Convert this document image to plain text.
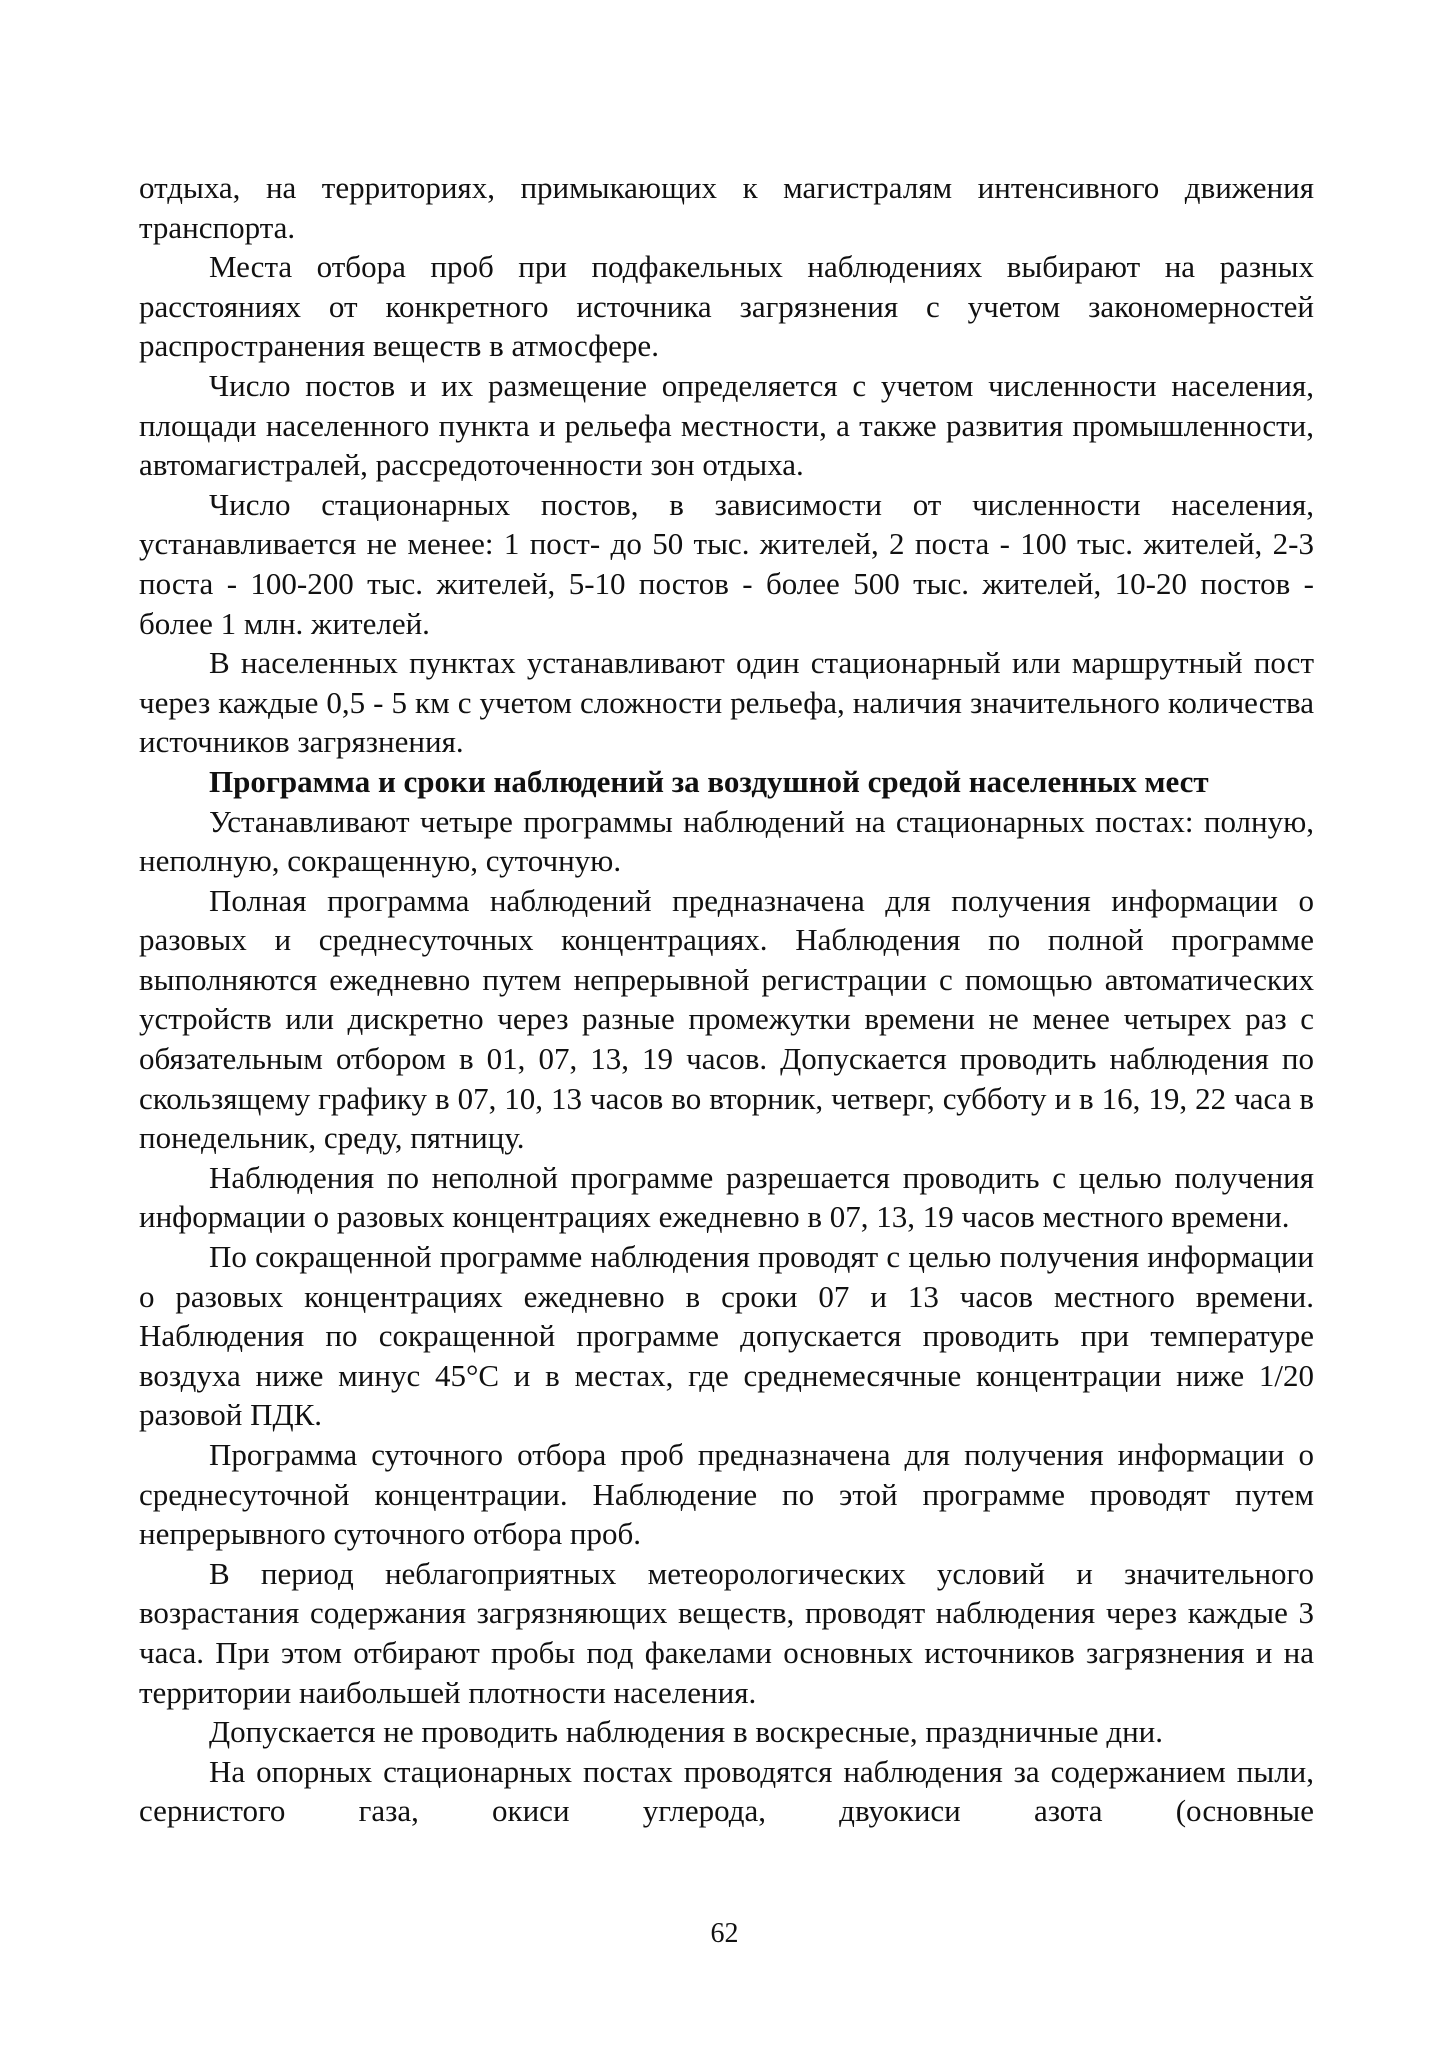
отдыха, на территориях, примыкающих к магистралям интенсивного движения транспорта.

Места отбора проб при подфакельных наблюдениях выбирают на разных расстояниях от конкретного источника загрязнения с учетом закономерностей распространения веществ в атмосфере.

Число постов и их размещение определяется с учетом численности населения, площади населенного пункта и рельефа местности, а также развития промышленности, автомагистралей, рассредоточенности зон отдыха.

Число стационарных постов, в зависимости от численности населения, устанавливается не менее: 1 пост- до 50 тыс. жителей, 2 поста - 100 тыс. жителей, 2-3 поста - 100-200 тыс. жителей, 5-10 постов - более 500 тыс. жителей, 10-20 постов - более 1 млн. жителей.

В населенных пунктах устанавливают один стационарный или маршрутный пост через каждые 0,5 - 5 км с учетом сложности рельефа, наличия значительного количества источников загрязнения.

Программа и сроки наблюдений за воздушной средой населенных мест

Устанавливают четыре программы наблюдений на стационарных постах: полную, неполную, сокращенную, суточную.

Полная программа наблюдений предназначена для получения информации о разовых и среднесуточных концентрациях. Наблюдения по полной программе выполняются ежедневно путем непрерывной регистрации с помощью автоматических устройств или дискретно через разные промежутки времени не менее четырех раз с обязательным отбором в 01, 07, 13, 19 часов. Допускается проводить наблюдения по скользящему графику в 07, 10, 13 часов во вторник, четверг, субботу и в 16, 19, 22 часа в понедельник, среду, пятницу.

Наблюдения по неполной программе разрешается проводить с целью получения информации о разовых концентрациях ежедневно в 07, 13, 19 часов местного времени.

По сокращенной программе наблюдения проводят с целью получения информации о разовых концентрациях ежедневно в сроки 07 и 13 часов местного времени. Наблюдения по сокращенной программе допускается проводить при температуре воздуха ниже минус 45°С и в местах, где среднемесячные концентрации ниже 1/20 разовой ПДК.

Программа суточного отбора проб предназначена для получения информации о среднесуточной концентрации. Наблюдение по этой программе проводят путем непрерывного суточного отбора проб.

В период неблагоприятных метеорологических условий и значительного возрастания содержания загрязняющих веществ, проводят наблюдения через каждые 3 часа. При этом отбирают пробы под факелами основных источников загрязнения и на территории наибольшей плотности населения.

Допускается не проводить наблюдения в воскресные, праздничные дни.

На опорных стационарных постах проводятся наблюдения за содержанием пыли, сернистого газа, окиси углерода, двуокиси азота (основные

62
